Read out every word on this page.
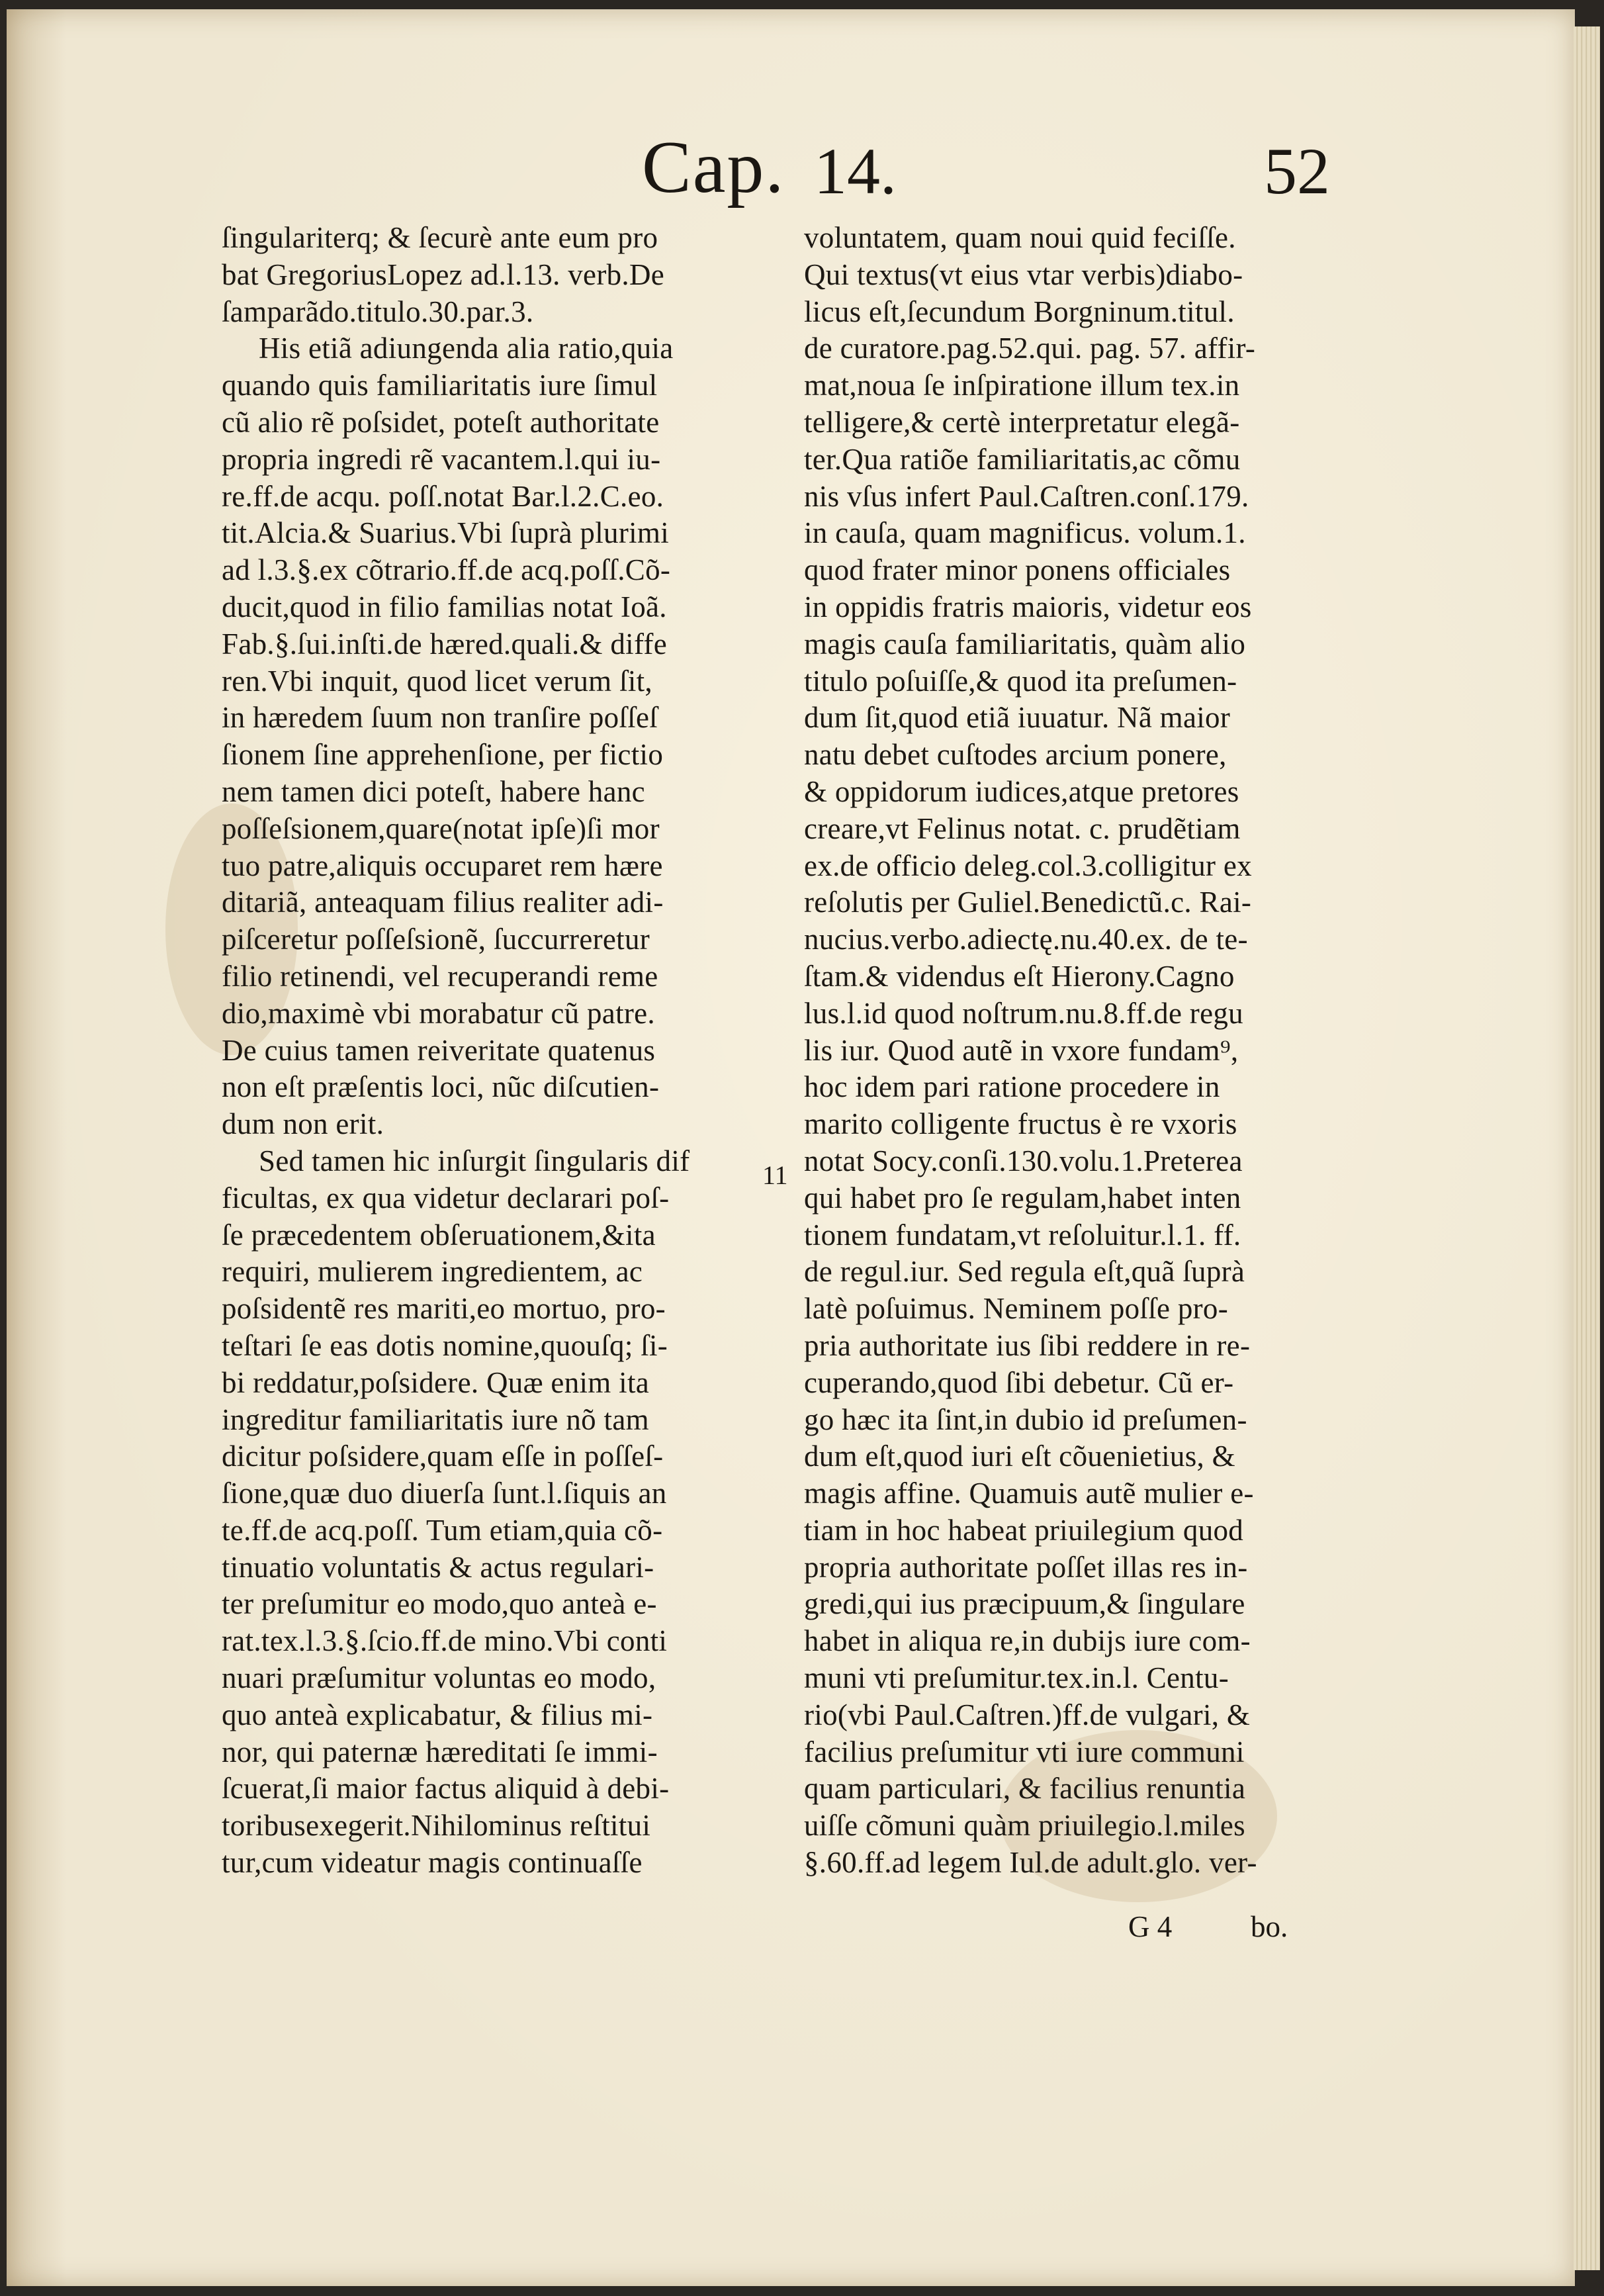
Cap. 14.	52
ſingulariterq; & ſecurè ante eum pro
bat GregoriusLopez ad.l.13. verb.De
ſamparãdo.titulo.30.par.3.
His etiã adiungenda alia ratio,quia
quando quis familiaritatis iure ſimul
cũ alio rẽ poſsidet, poteſt authoritate
propria ingredi rẽ vacantem.l.qui iu-
re.ff.de acqu. poſſ.notat Bar.l.2.C.eo.
tit.Alcia.& Suarius.Vbi ſuprà plurimi
ad l.3.§.ex cõtrario.ff.de acq.poſſ.Cõ-
ducit,quod in filio familias notat Ioã.
Fab.§.ſui.inſti.de hæred.quali.& diffe
ren.Vbi inquit, quod licet verum ſit,
in hæredem ſuum non tranſire poſſeſ
ſionem ſine apprehenſione, per fictio
nem tamen dici poteſt, habere hanc
poſſeſsionem,quare(notat ipſe)ſi mor
tuo patre,aliquis occuparet rem hære
ditariã, anteaquam filius realiter adi-
piſceretur poſſeſsionẽ, ſuccurreretur
filio retinendi, vel recuperandi reme
dio,maximè vbi morabatur cũ patre.
De cuius tamen reiveritate quatenus
non eſt præſentis loci, nũc diſcutien-
dum non erit.
Sed tamen hic inſurgit ſingularis dif
ficultas, ex qua videtur declarari poſ-
ſe præcedentem obſeruationem,&ita
requiri, mulierem ingredientem, ac
poſsidentẽ res mariti,eo mortuo, pro-
teſtari ſe eas dotis nomine,quouſq; ſi-
bi reddatur,poſsidere. Quæ enim ita
ingreditur familiaritatis iure nõ tam
dicitur poſsidere,quam eſſe in poſſeſ-
ſione,quæ duo diuerſa ſunt.l.ſiquis an
te.ff.de acq.poſſ. Tum etiam,quia cõ-
tinuatio voluntatis & actus regulari-
ter preſumitur eo modo,quo anteà e-
rat.tex.l.3.§.ſcio.ff.de mino.Vbi conti
nuari præſumitur voluntas eo modo,
quo anteà explicabatur, & filius mi-
nor, qui paternæ hæreditati ſe immi-
ſcuerat,ſi maior factus aliquid à debi-
toribusexegerit.Nihilominus reſtitui
tur,cum videatur magis continuaſſe
voluntatem, quam noui quid feciſſe.
Qui textus(vt eius vtar verbis)diabo-
licus eſt,ſecundum Borgninum.titul.
de curatore.pag.52.qui. pag. 57. affir-
mat,noua ſe inſpiratione illum tex.in
telligere,& certè interpretatur elegã-
ter.Qua ratiõe familiaritatis,ac cõmu
nis vſus infert Paul.Caſtren.conſ.179.
in cauſa, quam magnificus. volum.1.
quod frater minor ponens officiales
in oppidis fratris maioris, videtur eos
magis cauſa familiaritatis, quàm alio
titulo poſuiſſe,& quod ita preſumen-
dum ſit,quod etiã iuuatur. Nã maior
natu debet cuſtodes arcium ponere,
& oppidorum iudices,atque pretores
creare,vt Felinus notat. c. prudẽtiam
ex.de officio deleg.col.3.colligitur ex
reſolutis per Guliel.Benedictũ.c. Rai-
nucius.verbo.adiectę.nu.40.ex. de te-
ſtam.& videndus eſt Hierony.Cagno
lus.l.id quod noſtrum.nu.8.ff.de regu
lis iur. Quod autẽ in vxore fundam⁹,
hoc idem pari ratione procedere in
marito colligente fructus è re vxoris
notat Socy.conſi.130.volu.1.Preterea
qui habet pro ſe regulam,habet inten
tionem fundatam,vt reſoluitur.l.1. ff.
de regul.iur. Sed regula eſt,quã ſuprà
latè poſuimus. Neminem poſſe pro-
pria authoritate ius ſibi reddere in re-
cuperando,quod ſibi debetur. Cũ er-
go hæc ita ſint,in dubio id preſumen-
dum eſt,quod iuri eſt cõuenietius, &
magis affine. Quamuis autẽ mulier e-
tiam in hoc habeat priuilegium quod
propria authoritate poſſet illas res in-
gredi,qui ius præcipuum,& ſingulare
habet in aliqua re,in dubijs iure com-
muni vti preſumitur.tex.in.l. Centu-
rio(vbi Paul.Caſtren.)ff.de vulgari, &
facilius preſumitur vti iure communi
quam particulari, & facilius renuntia
uiſſe cõmuni quàm priuilegio.l.miles
§.60.ff.ad legem Iul.de adult.glo. ver-
11
G 4	bo.
